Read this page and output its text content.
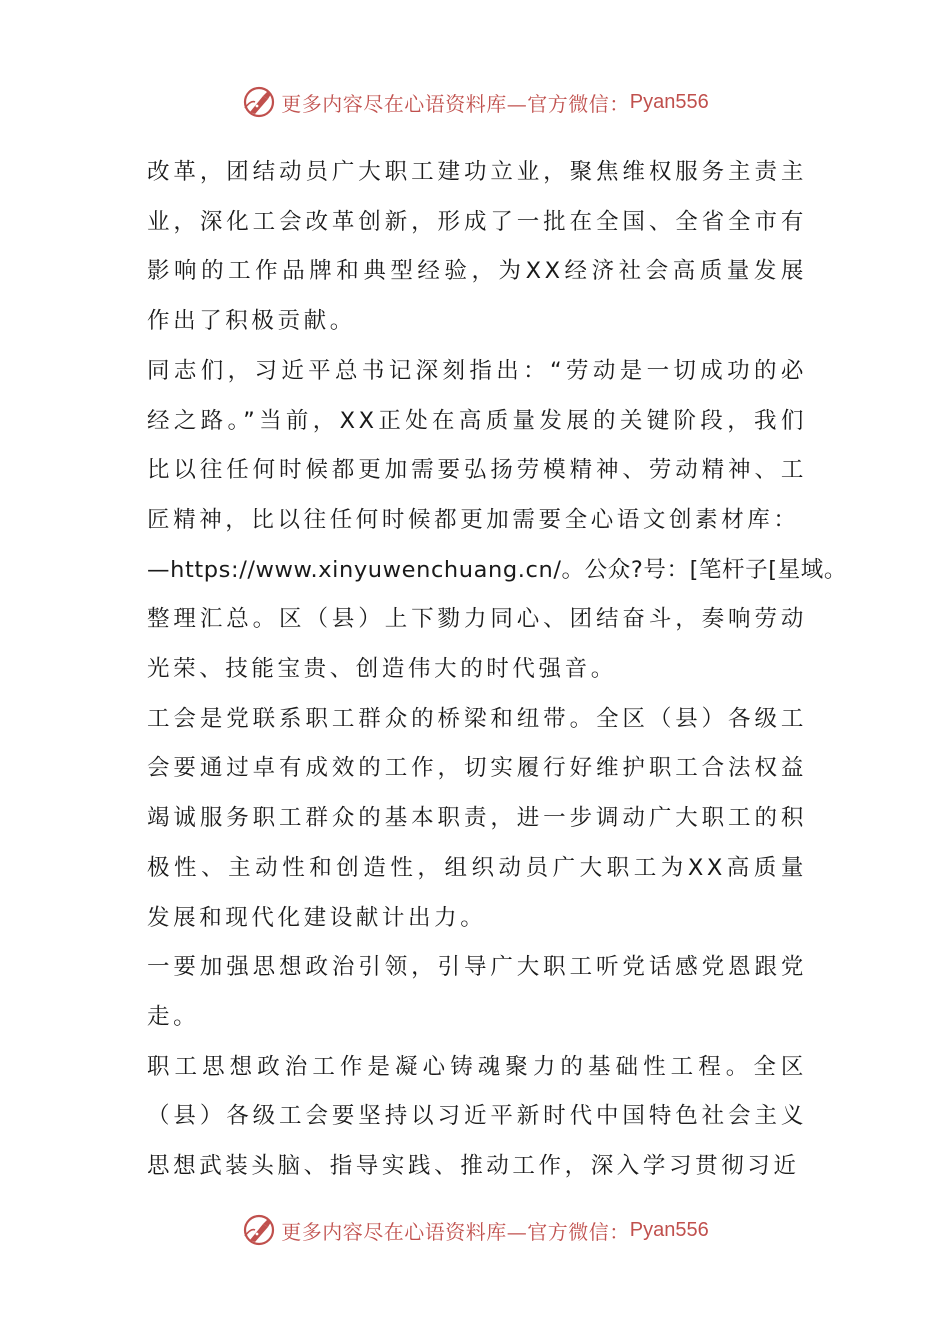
更多内容尽在心语资料库—官方微信： Pyan556

改革，团结动员广大职工建功立业，聚焦维权服务主责主业，深化工会改革创新，形成了一批在全国、全省全市有影响的工作品牌和典型经验，为XX经济社会高质量发展作出了积极贡献。

同志们，习近平总书记深刻指出：“劳动是一切成功的必经之路。”当前，XX正处在高质量发展的关键阶段，我们比以往任何时候都更加需要弘扬劳模精神、劳动精神、工匠精神，比以往任何时候都更加需要全心语文创素材库：

—https://www.xinyuwenchuang.cn/。公众?号：[笔杆子[星域。

整理汇总。区（县）上下勠力同心、团结奋斗，奏响劳动光荣、技能宝贵、创造伟大的时代强音。

工会是党联系职工群众的桥梁和纽带。全区（县）各级工会要通过卓有成效的工作，切实履行好维护职工合法权益竭诚服务职工群众的基本职责，进一步调动广大职工的积极性、主动性和创造性，组织动员广大职工为XX高质量发展和现代化建设献计出力。

一要加强思想政治引领，引导广大职工听党话感党恩跟党走。

职工思想政治工作是凝心铸魂聚力的基础性工程。全区（县）各级工会要坚持以习近平新时代中国特色社会主义思想武装头脑、指导实践、推动工作，深入学习贯彻习近

更多内容尽在心语资料库—官方微信： Pyan556
